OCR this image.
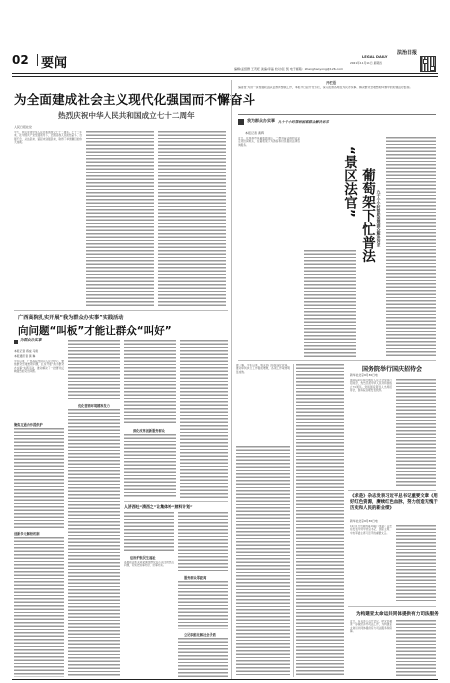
02 要闻	LEGAL DAILY
2021年11月11日 星期四
编辑/孟绍群 王茂旺 美编/李晶 校对/张 凯 电子邮箱：zhenghaoyong@126.com
法治日报
为全面建成社会主义现代化强国而不懈奋斗
热烈庆祝中华人民共和国成立七十二周年
人民日报社论
今天，我们迎来中华人民共和国成立七十二周年。七十二年来，在中国共产党坚强领导下，全国各族人民团结奋斗、自强不息，从站起来、富起来到强起来，取得了举世瞩目的伟大成就。

开栏语
编者按 为进一步加强政法队伍教育整顿工作，本报今日起开设专栏，深入报道各地在为民办实事、解决群众急难愁盼问题中的好做法好经验。
我为群众办实事 九十个小时帮助困难群众解决诉求
本报记者 黄辉
近日，在成都市某葡萄园景区，一群身着法袍的法官走进田间地头，在葡萄架下为游客和村民提供法律咨询服务。

“景区法官” 葡萄架下忙普法 九十个小时帮助困难群众解决诉求

广西高院扎实开展“我为群众办实事”实践活动
向问题“叫板”才能让群众“叫好”
为群众办实事
本报记者 蒋成 马艳
本报通讯者 黄 琳
今年以来，广西高院坚持以人民为中心，聚焦群众急难愁盼问题，扎实开展“我为群众办实事”实践活动，推动解决了一批群众反映强烈的突出问题。
聚焦互通合作提供护

创新多元解纷机制

优化营商环境精准发力

深化改革创新服务群众

人济西吐“清西之”让集体补“照料计划”

法治护航民生福祉
各地政法机关紧紧围绕群众关心关注的热点问题，切实把实事办好、好事办实。

服务群众零距离

立足职能化解社会矛盾

据了解，今年以来，相关部门持续深化改革，推动审判执行工作提质增效，各项工作取得明显成效。

	国务院举行国庆招待会
新华社北京9月30日电
国务院9月30日晚在人民大会堂举行招待会，热烈庆祝中华人民共和国成立72周年。党和国家领导人出席招待会，国务院总理发表致辞。

《求是》杂志发表习近平总书记重要文章《用好红色资源，赓续红色血脉，努力创造无愧于历史和人民的新业绩》
新华社北京9月30日电
10月1日出版的第19期《求是》杂志将发表中共中央总书记、国家主席、中央军委主席习近平的重要文章。

为构建亚太命运共同体提供有力司法服务
近日，有关部门召开会议，研究部署进一步做好涉外司法工作，为构建亚太命运共同体提供有力司法服务和保障。
